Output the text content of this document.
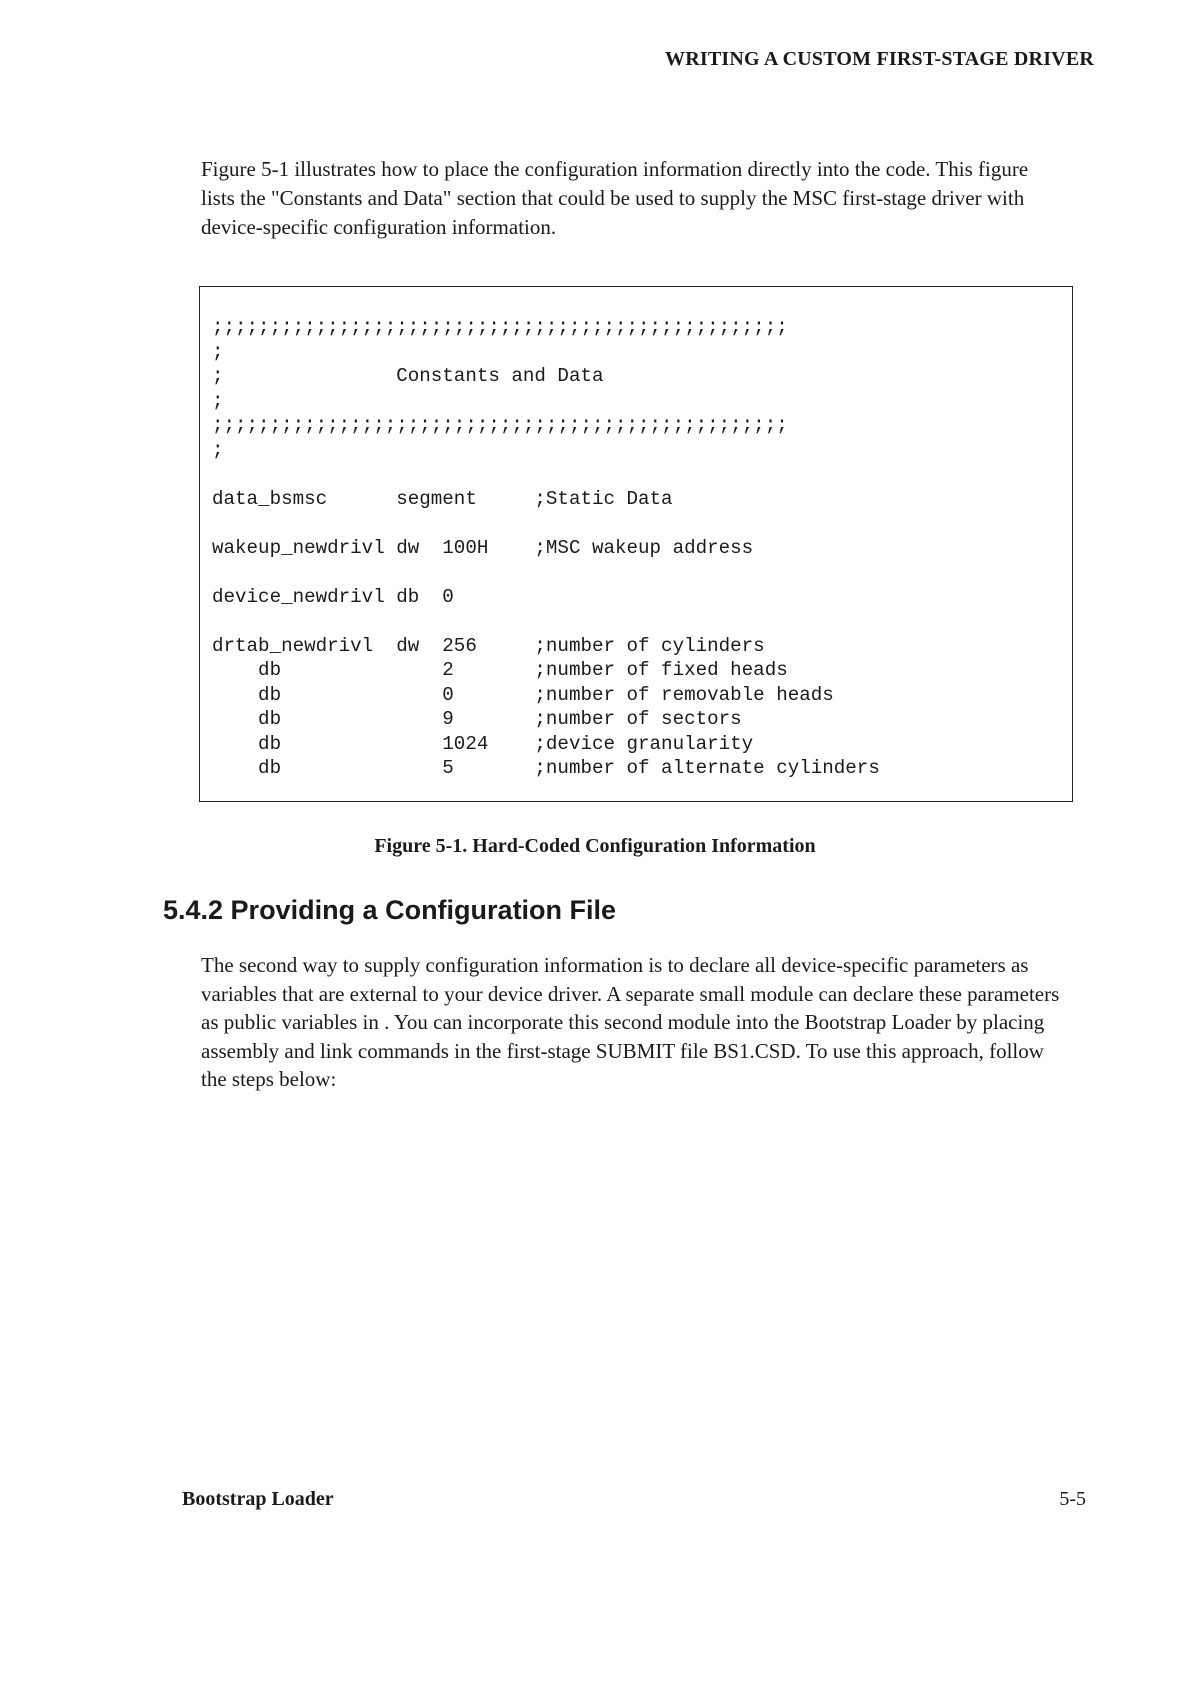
WRITING A CUSTOM FIRST-STAGE DRIVER

Figure 5-1 illustrates how to place the configuration information directly into the code. This figure lists the "Constants and Data" section that could be used to supply the MSC first-stage driver with device-specific configuration information.

;;;;;;;;;;;;;;;;;;;;;;;;;;;;;;;;;;;;;;;;;;;;;;;;;;
;
;               Constants and Data
;
;;;;;;;;;;;;;;;;;;;;;;;;;;;;;;;;;;;;;;;;;;;;;;;;;;
;

data_bsmsc      segment     ;Static Data

wakeup_newdrivl dw  100H    ;MSC wakeup address

device_newdrivl db  0

drtab_newdrivl  dw  256     ;number of cylinders
db              2       ;number of fixed heads
db              0       ;number of removable heads
db              9       ;number of sectors
db              1024    ;device granularity
db              5       ;number of alternate cylinders
Figure 5-1. Hard-Coded Configuration Information
5.4.2 Providing a Configuration File

The second way to supply configuration information is to declare all device-specific parameters as variables that are external to your device driver. A separate small module can declare these parameters as public variables in . You can incorporate this second module into the Bootstrap Loader by placing assembly and link commands in the first-stage SUBMIT file BS1.CSD. To use this approach, follow the steps below:

Bootstrap Loader	5-5
